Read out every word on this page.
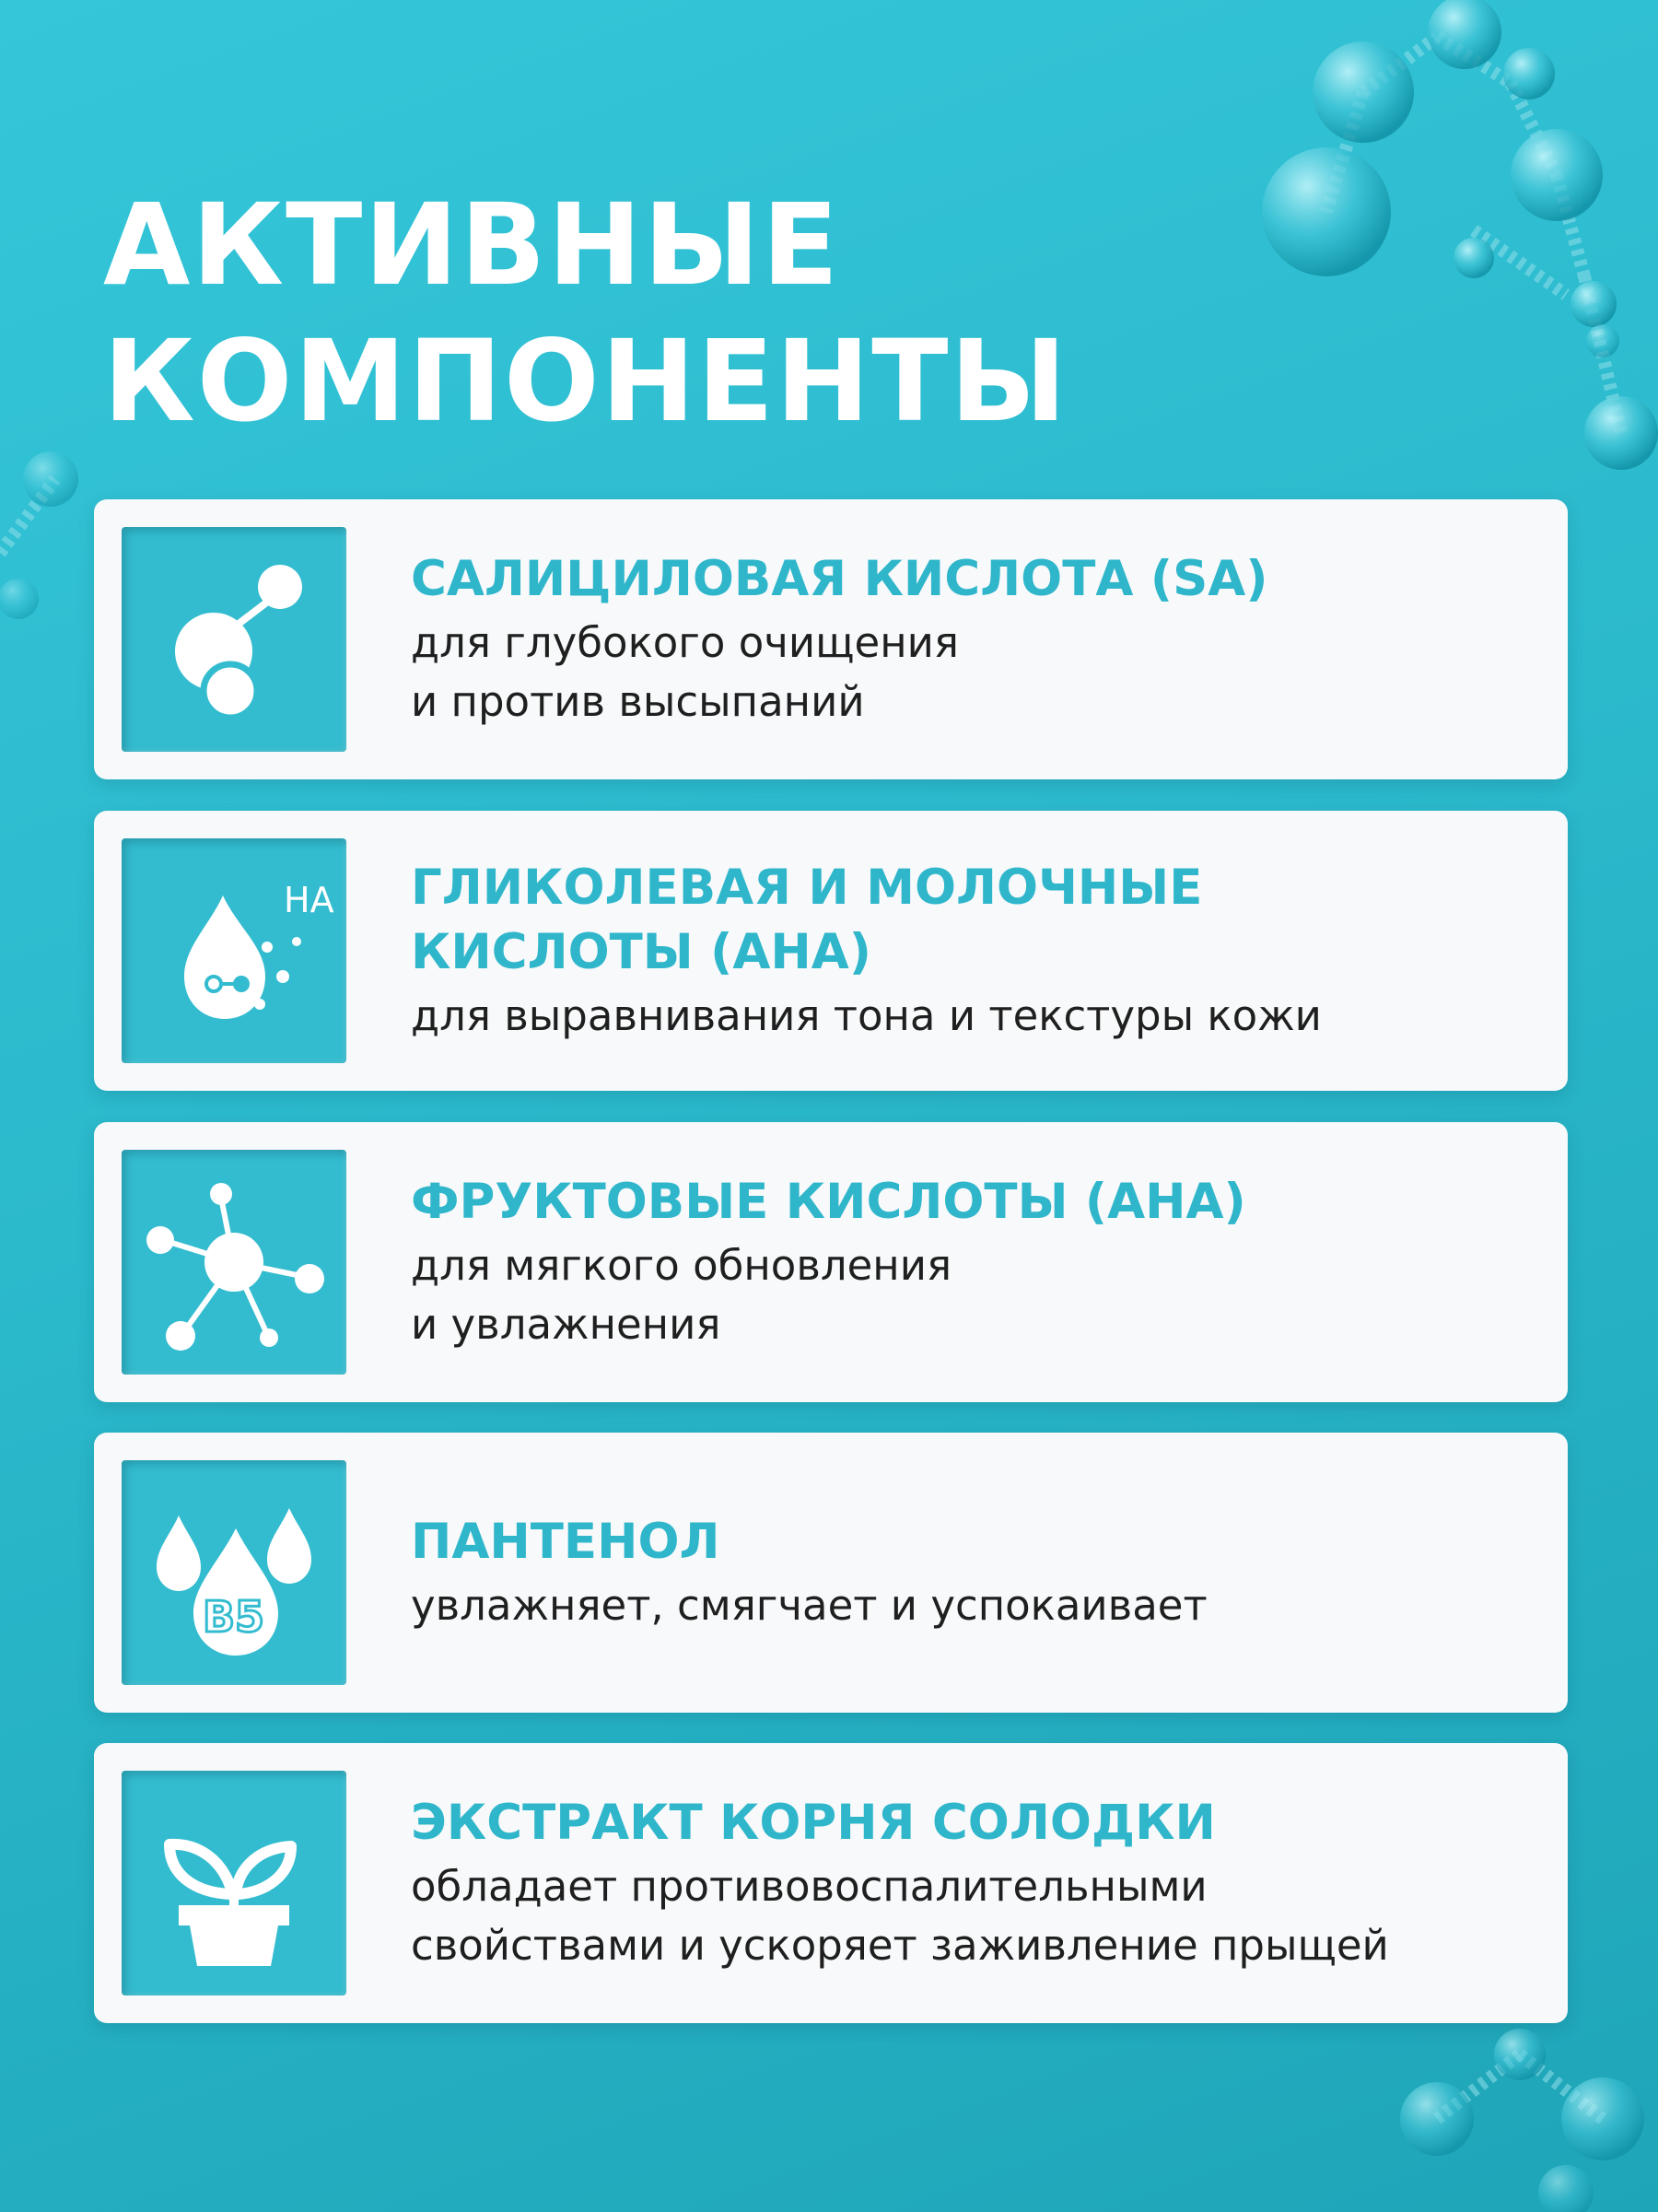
АКТИВНЫЕ
КОМПОНЕНТЫ

САЛИЦИЛОВАЯ КИСЛОТА (SA)

для глубокого очищения
и против высыпаний

HA ГЛИКОЛЕВАЯ И МОЛОЧНЫЕ
КИСЛОТЫ (AHA)

для выравнивания тона и текстуры кожи

ФРУКТОВЫЕ КИСЛОТЫ (AHA)

для мягкого обновления
и увлажнения

B5

ПАНТЕНОЛ

увлажняет, смягчает и успокаивает

ЭКСТРАКТ КОРНЯ СОЛОДКИ

обладает противовоспалительными
свойствами и ускоряет заживление прыщей
